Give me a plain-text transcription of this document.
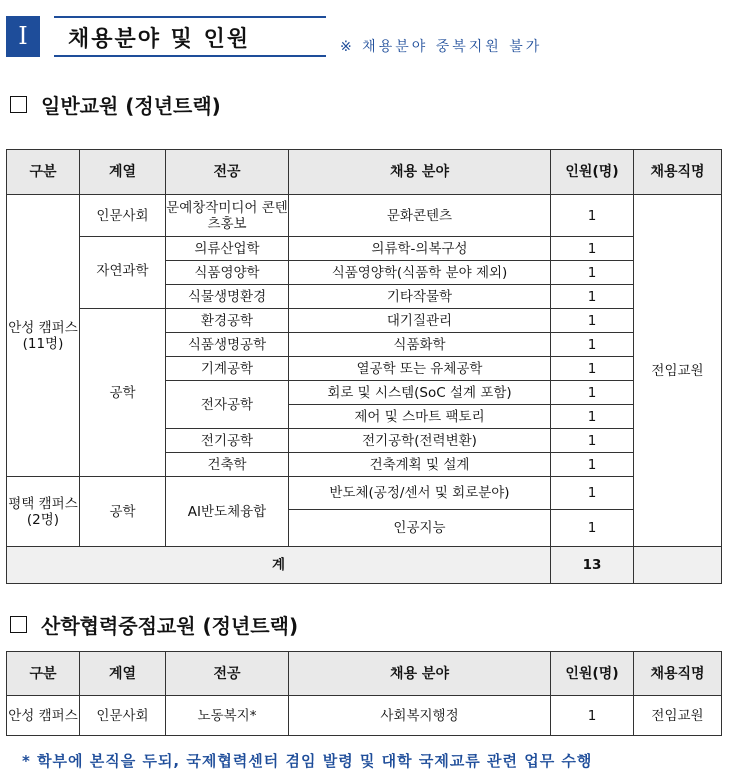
Ⅰ	채용분야 및 인원	※ 채용분야 중복지원 불가
일반교원 (정년트랙)
구분	계열	전공	채용 분야	인원(명)	채용직명
안성 캠퍼스 (11명)	인문사회	문예창작미디어 콘텐츠홍보	문화콘텐츠	1	전임교원
	자연과학	의류산업학	의류학-의복구성	1	
		식품영양학	식품영양학(식품학 분야 제외)	1	
		식물생명환경	기타작물학	1	
	공학	환경공학	대기질관리	1	
		식품생명공학	식품화학	1	
		기계공학	열공학 또는 유체공학	1	
		전자공학	회로 및 시스템(SoC 설계 포함)	1	
			제어 및 스마트 팩토리	1	
		전기공학	전기공학(전력변환)	1	
		건축학	건축계획 및 설계	1	
평택 캠퍼스 (2명)	공학	AI반도체융합	반도체(공정/센서 및 회로분야)	1	
			인공지능	1	
계				13	
산학협력중점교원 (정년트랙)
구분	계열	전공	채용 분야	인원(명)	채용직명
안성 캠퍼스	인문사회	노동복지*	사회복지행정	1	전임교원
* 학부에 본직을 두되, 국제협력센터 겸임 발령 및 대학 국제교류 관련 업무 수행
